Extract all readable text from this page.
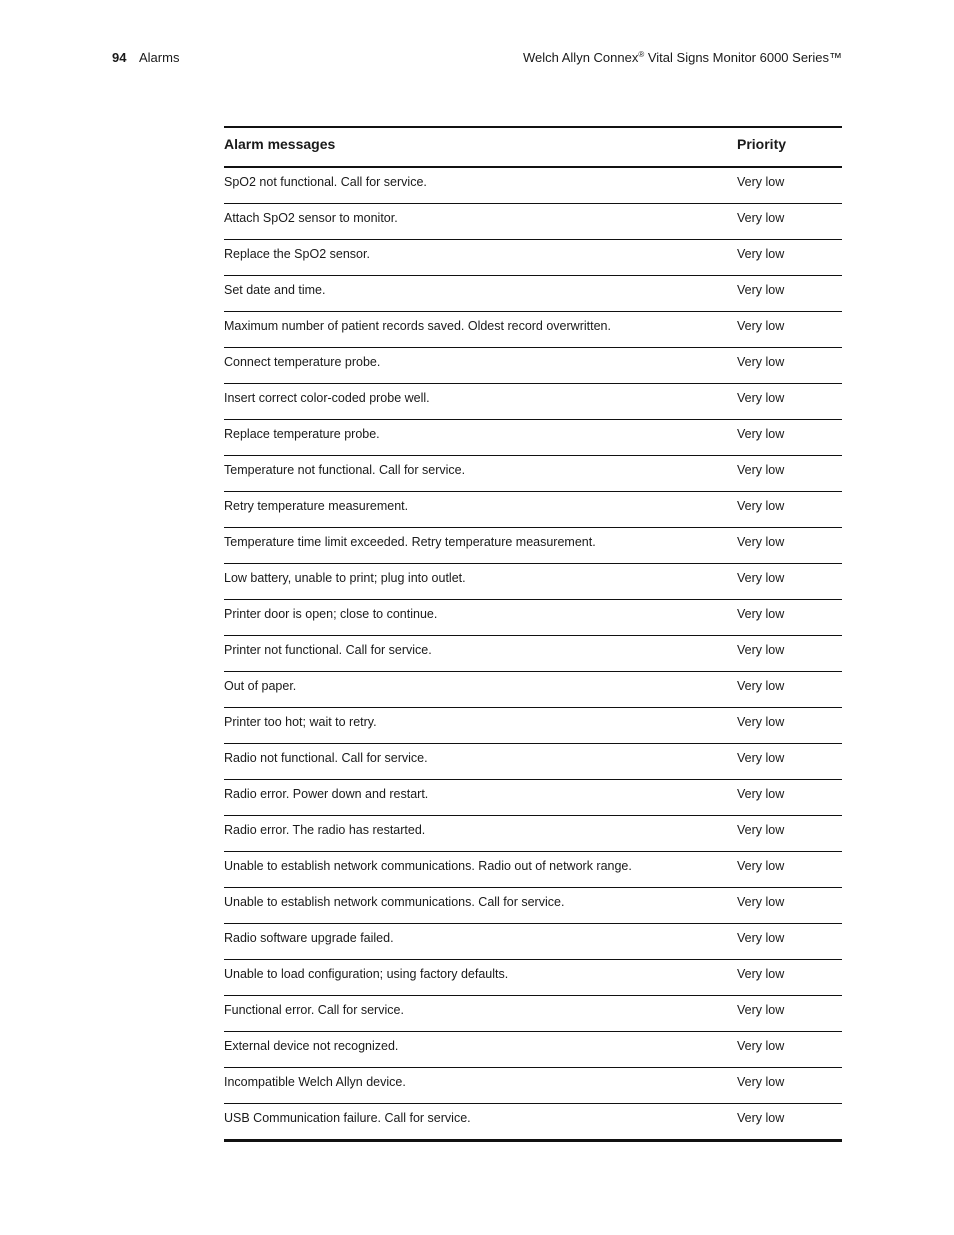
94 Alarms	Welch Allyn Connex® Vital Signs Monitor 6000 Series™
Alarm messages	Priority
SpO2 not functional. Call for service.	Very low
Attach SpO2 sensor to monitor.	Very low
Replace the SpO2 sensor.	Very low
Set date and time.	Very low
Maximum number of patient records saved. Oldest record overwritten.	Very low
Connect temperature probe.	Very low
Insert correct color-coded probe well.	Very low
Replace temperature probe.	Very low
Temperature not functional. Call for service.	Very low
Retry temperature measurement.	Very low
Temperature time limit exceeded. Retry temperature measurement.	Very low
Low battery, unable to print; plug into outlet.	Very low
Printer door is open; close to continue.	Very low
Printer not functional. Call for service.	Very low
Out of paper.	Very low
Printer too hot; wait to retry.	Very low
Radio not functional. Call for service.	Very low
Radio error. Power down and restart.	Very low
Radio error. The radio has restarted.	Very low
Unable to establish network communications. Radio out of network range.	Very low
Unable to establish network communications. Call for service.	Very low
Radio software upgrade failed.	Very low
Unable to load configuration; using factory defaults.	Very low
Functional error. Call for service.	Very low
External device not recognized.	Very low
Incompatible Welch Allyn device.	Very low
USB Communication failure. Call for service.	Very low
